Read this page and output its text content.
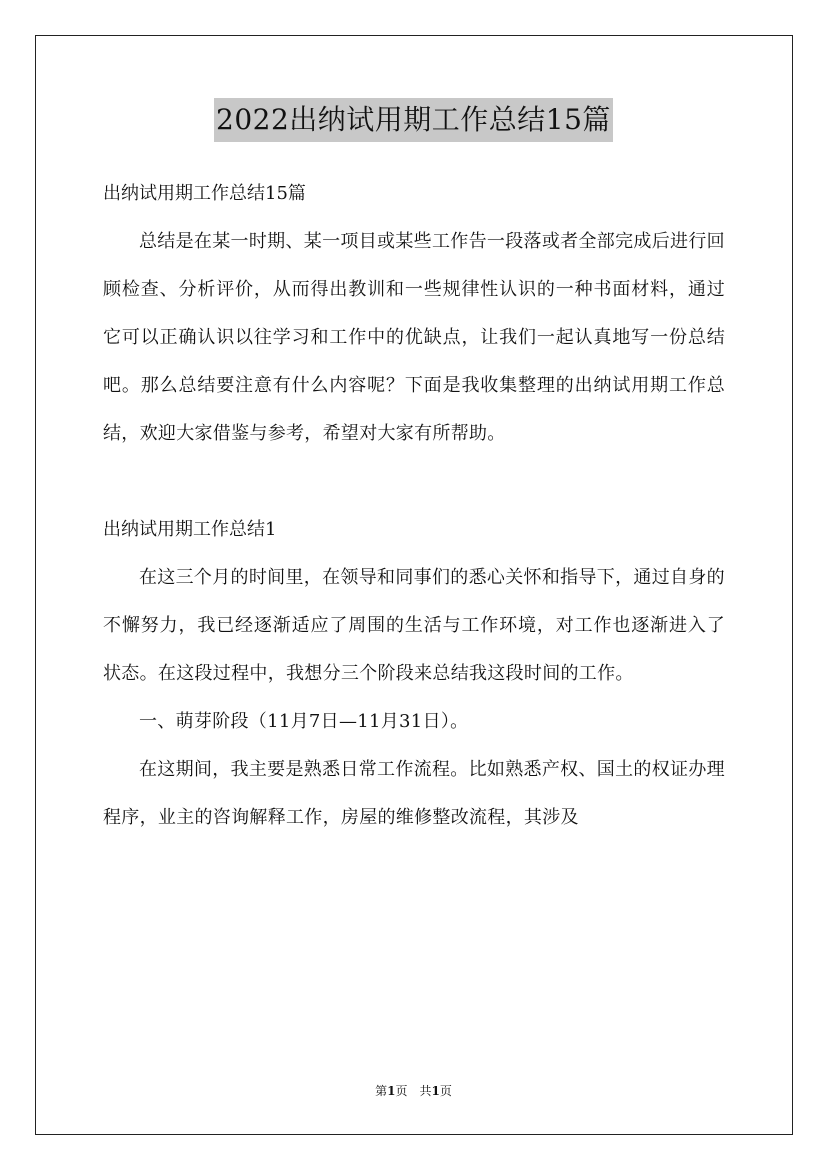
2022出纳试用期工作总结15篇

出纳试用期工作总结15篇

总结是在某一时期、某一项目或某些工作告一段落或者全部完成后进行回顾检查、分析评价，从而得出教训和一些规律性认识的一种书面材料，通过它可以正确认识以往学习和工作中的优缺点，让我们一起认真地写一份总结吧。那么总结要注意有什么内容呢？下面是我收集整理的出纳试用期工作总结，欢迎大家借鉴与参考，希望对大家有所帮助。

出纳试用期工作总结1

在这三个月的时间里，在领导和同事们的悉心关怀和指导下，通过自身的不懈努力，我已经逐渐适应了周围的生活与工作环境，对工作也逐渐进入了状态。在这段过程中，我想分三个阶段来总结我这段时间的工作。

一、萌芽阶段（11月7日—11月31日）。

在这期间，我主要是熟悉日常工作流程。比如熟悉产权、国土的权证办理程序，业主的咨询解释工作，房屋的维修整改流程，其涉及

第1页　共1页
